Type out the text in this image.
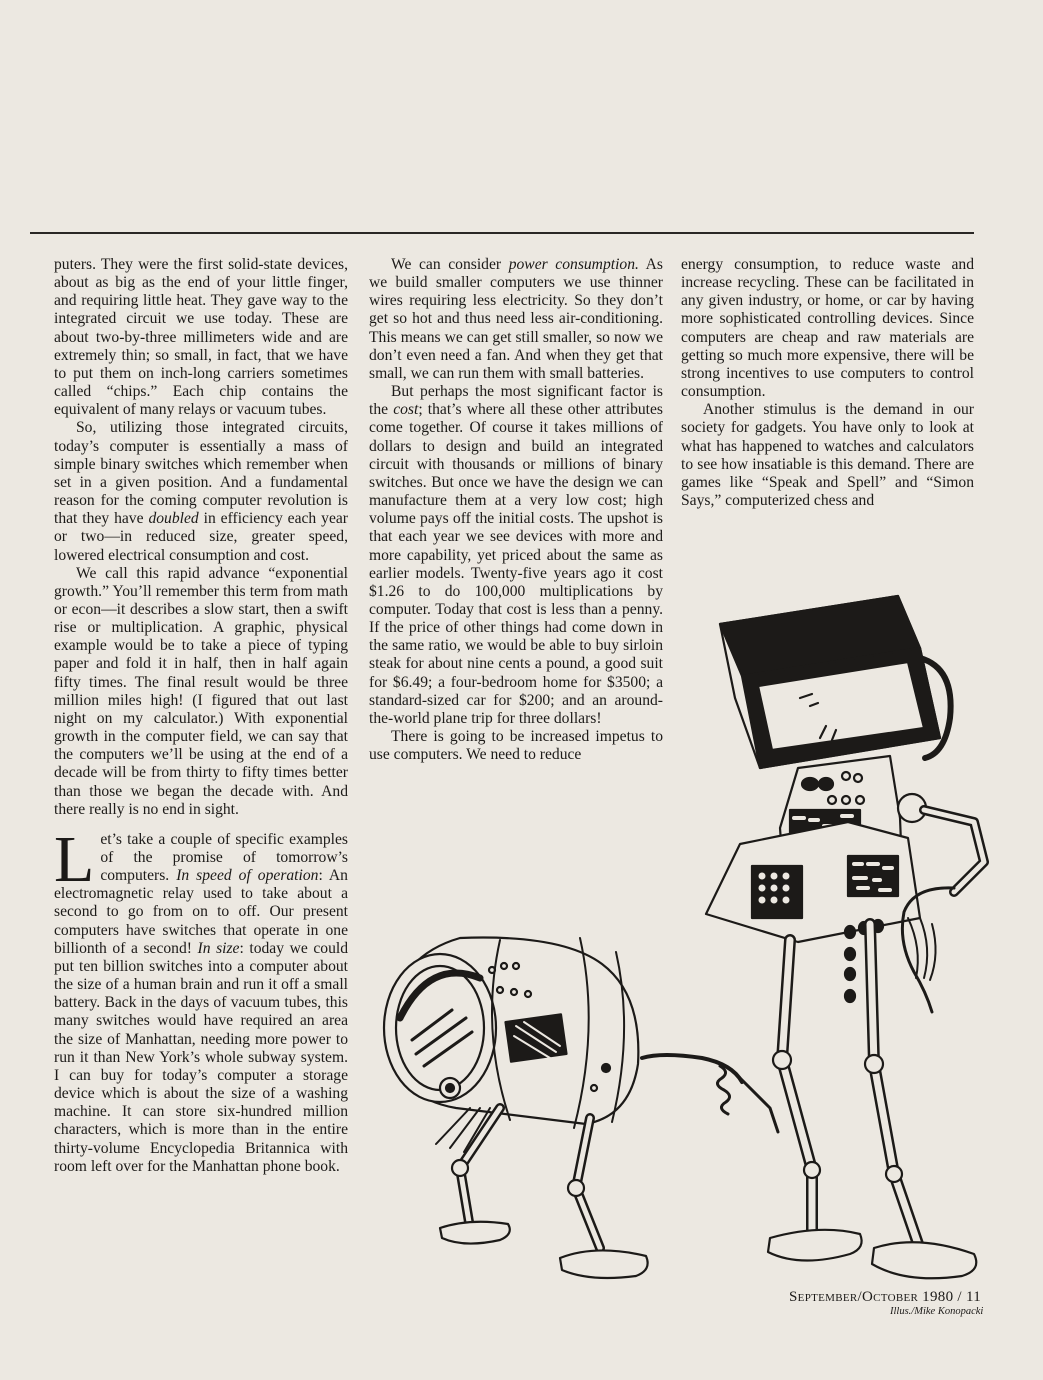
puters. They were the first solid-state devices, about as big as the end of your little finger, and requiring little heat. They gave way to the integrated circuit we use today. These are about two-by-three millimeters wide and are extremely thin; so small, in fact, that we have to put them on inch-long carriers sometimes called “chips.” Each chip contains the equivalent of many relays or vacuum tubes.

So, utilizing those integrated circuits, today’s computer is essentially a mass of simple binary switches which remember when set in a given position. And a fundamental reason for the coming computer revolution is that they have doubled in efficiency each year or two—in reduced size, greater speed, lowered electrical consumption and cost.

We call this rapid advance “exponential growth.” You’ll remember this term from math or econ—it describes a slow start, then a swift rise or multiplication. A graphic, physical example would be to take a piece of typing paper and fold it in half, then in half again fifty times. The final result would be three million miles high! (I figured that out last night on my calculator.) With exponential growth in the computer field, we can say that the computers we’ll be using at the end of a decade will be from thirty to fifty times better than those we began the decade with. And there really is no end in sight.

Let’s take a couple of specific examples of the promise of tomorrow’s computers. In speed of operation: An electromagnetic relay used to take about a second to go from on to off. Our present computers have switches that operate in one billionth of a second! In size: today we could put ten billion switches into a computer about the size of a human brain and run it off a small battery. Back in the days of vacuum tubes, this many switches would have required an area the size of Manhattan, needing more power to run it than New York’s whole subway system. I can buy for today’s computer a storage device which is about the size of a washing machine. It can store six-hundred million characters, which is more than in the entire thirty-volume Encyclopedia Britannica with room left over for the Manhattan phone book.

We can consider power consumption. As we build smaller computers we use thinner wires requiring less electricity. So they don’t get so hot and thus need less air-conditioning. This means we can get still smaller, so now we don’t even need a fan. And when they get that small, we can run them with small batteries.

But perhaps the most significant factor is the cost; that’s where all these other attributes come together. Of course it takes millions of dollars to design and build an integrated circuit with thousands or millions of binary switches. But once we have the design we can manufacture them at a very low cost; high volume pays off the initial costs. The upshot is that each year we see devices with more and more capability, yet priced about the same as earlier models. Twenty-five years ago it cost $1.26 to do 100,000 multiplications by computer. Today that cost is less than a penny. If the price of other things had come down in the same ratio, we would be able to buy sirloin steak for about nine cents a pound, a good suit for $6.49; a four-bedroom home for $3500; a standard-sized car for $200; and an around-the-world plane trip for three dollars!

There is going to be increased impetus to use computers. We need to reduce

energy consumption, to reduce waste and increase recycling. These can be facilitated in any given industry, or home, or car by having more sophisticated controlling devices. Since computers are cheap and raw materials are getting so much more expensive, there will be strong incentives to use computers to control consumption.

Another stimulus is the demand in our society for gadgets. You have only to look at what has happened to watches and calculators to see how insatiable is this demand. There are games like “Speak and Spell” and “Simon Says,” computerized chess and

Illus./Mike Konopacki
September/October 1980 / 11
